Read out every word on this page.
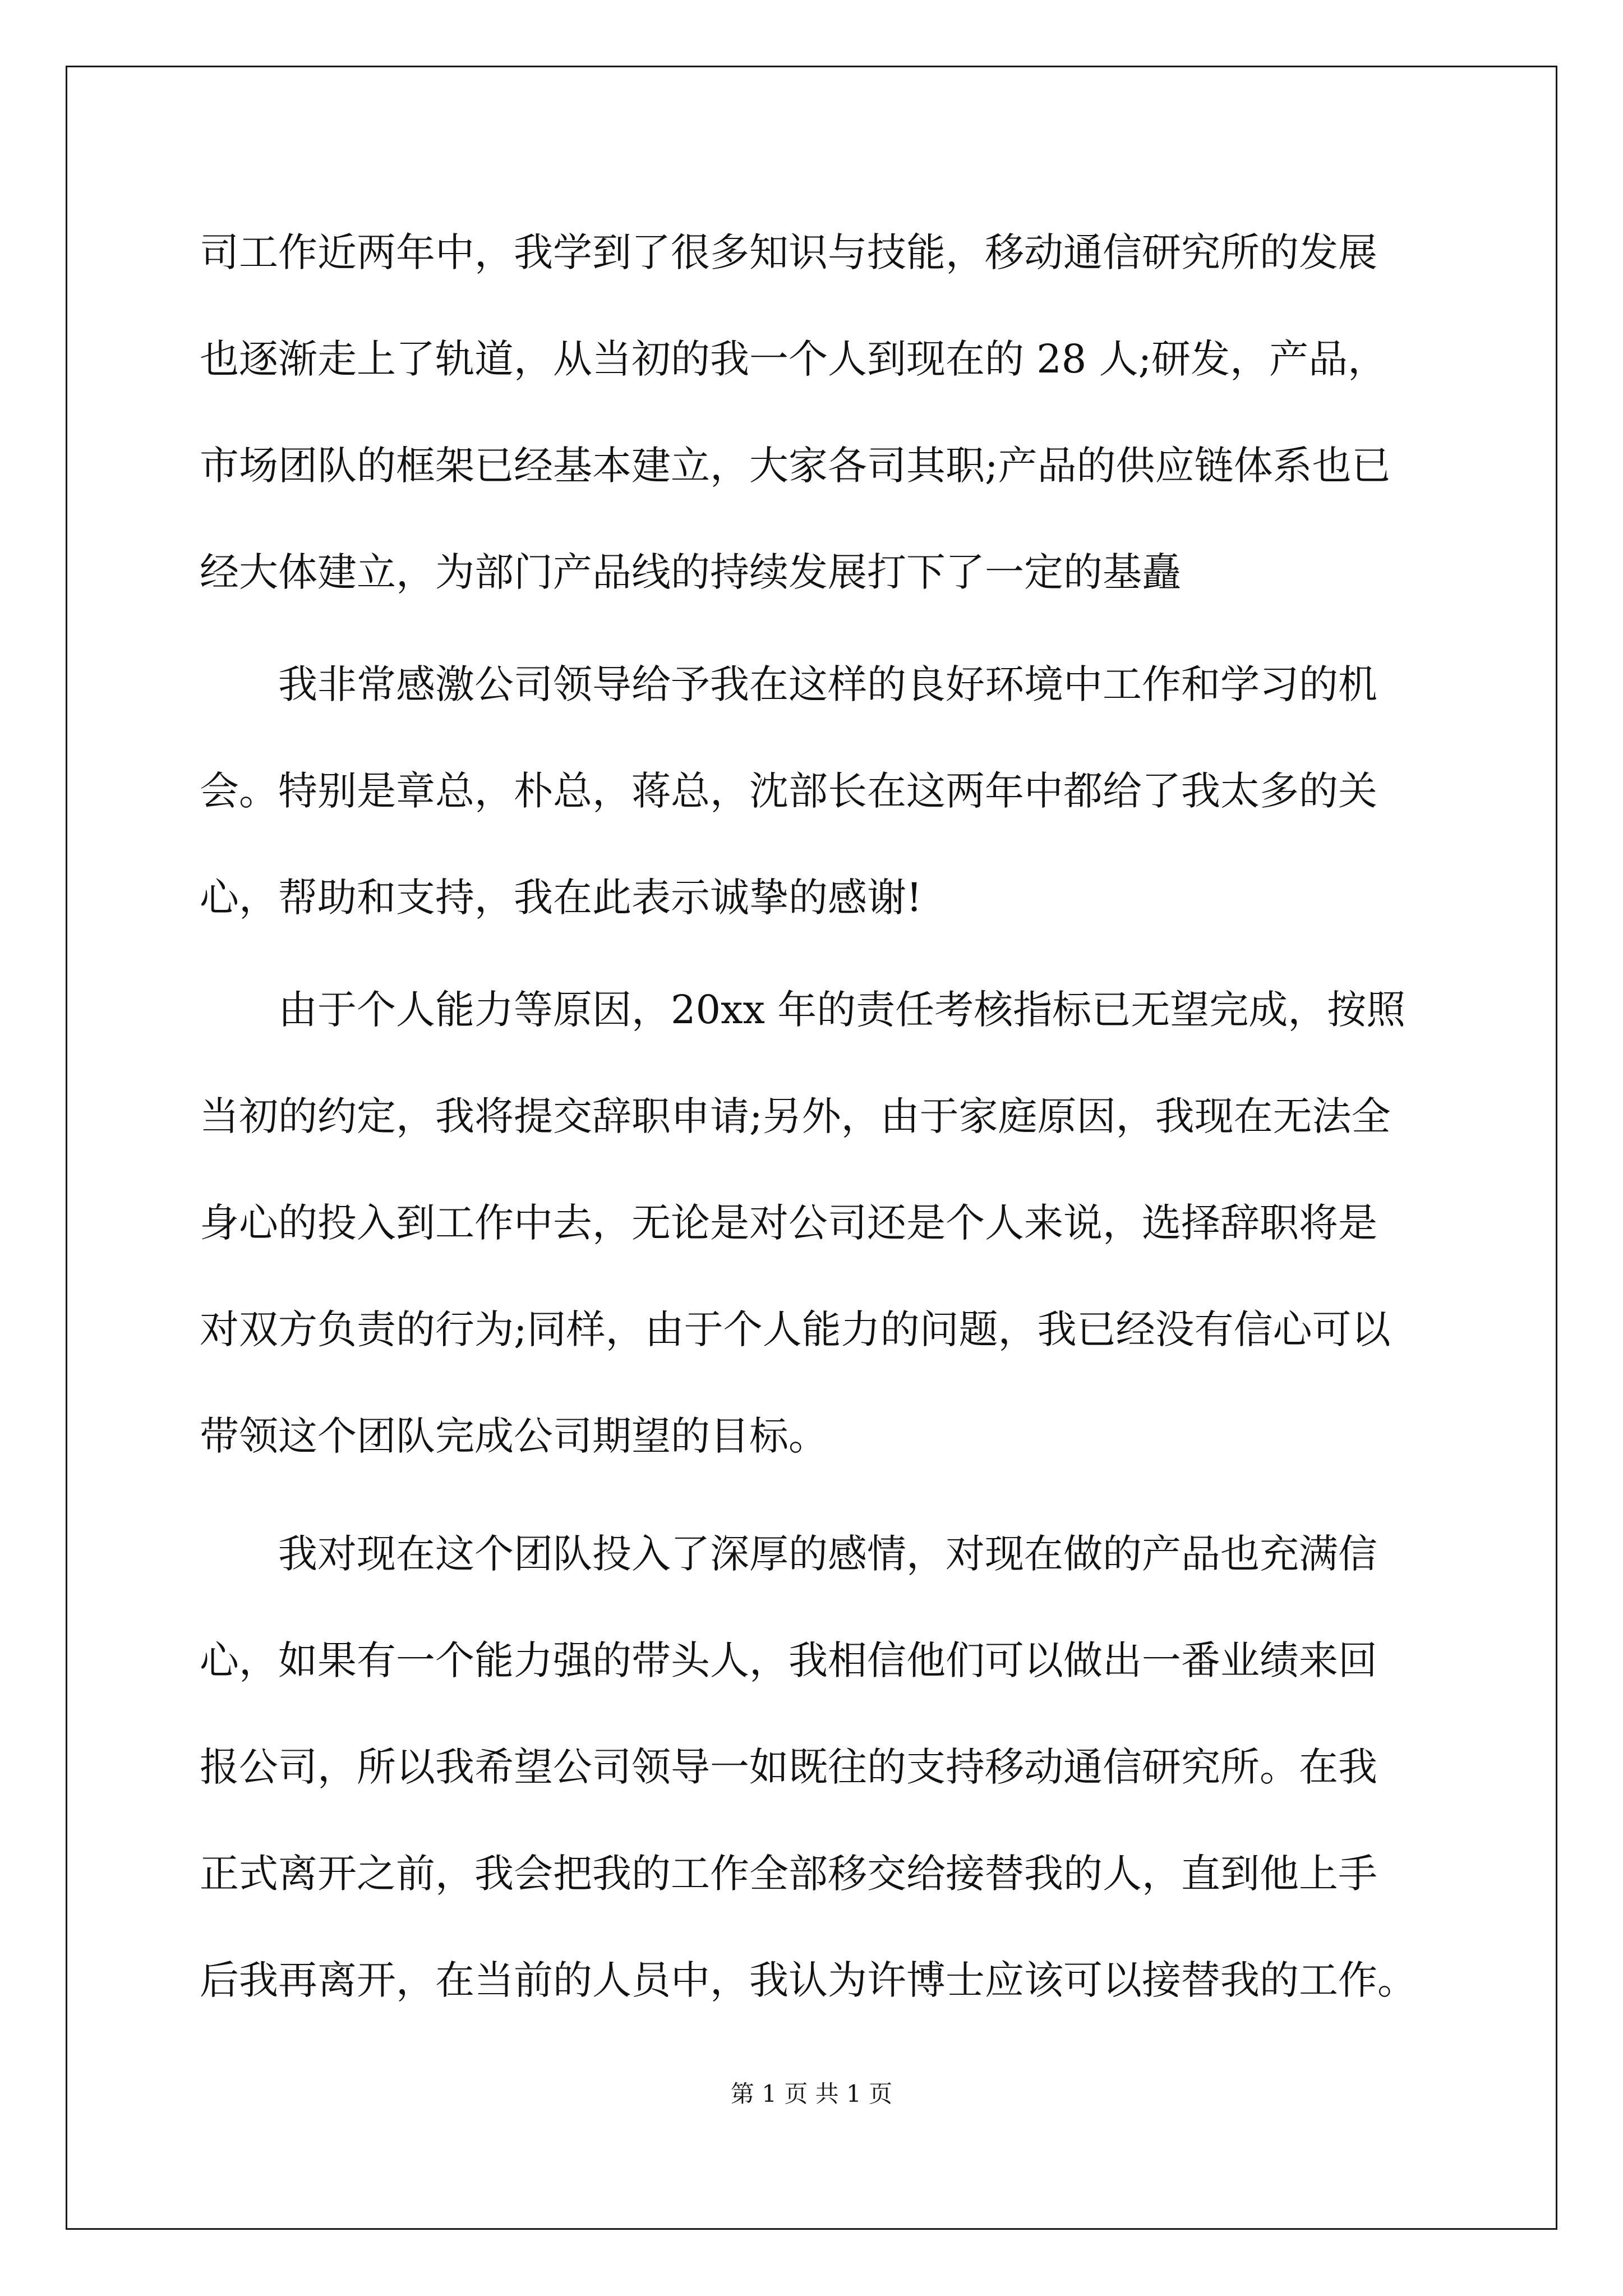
司工作近两年中，我学到了很多知识与技能，移动通信研究所的发展
也逐渐走上了轨道，从当初的我一个人到现在的 28 人;研发，产品，
市场团队的框架已经基本建立，大家各司其职;产品的供应链体系也已
经大体建立，为部门产品线的持续发展打下了一定的基矗
我非常感激公司领导给予我在这样的良好环境中工作和学习的机
会。特别是章总，朴总，蒋总，沈部长在这两年中都给了我太多的关
心，帮助和支持，我在此表示诚挚的感谢!
由于个人能力等原因，20xx 年的责任考核指标已无望完成，按照
当初的约定，我将提交辞职申请;另外，由于家庭原因，我现在无法全
身心的投入到工作中去，无论是对公司还是个人来说，选择辞职将是
对双方负责的行为;同样，由于个人能力的问题，我已经没有信心可以
带领这个团队完成公司期望的目标。
我对现在这个团队投入了深厚的感情，对现在做的产品也充满信
心，如果有一个能力强的带头人，我相信他们可以做出一番业绩来回
报公司，所以我希望公司领导一如既往的支持移动通信研究所。在我
正式离开之前，我会把我的工作全部移交给接替我的人，直到他上手
后我再离开，在当前的人员中，我认为许博士应该可以接替我的工作。
第 1 页 共 1 页
